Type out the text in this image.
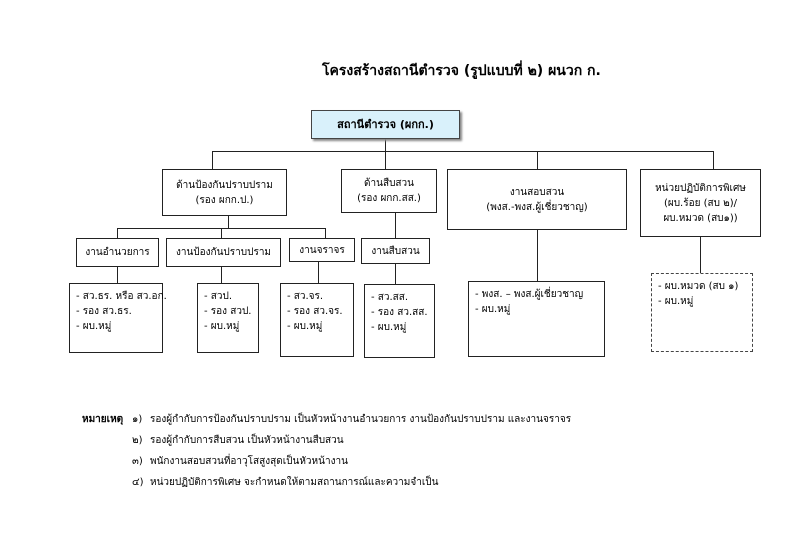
โครงสร้างสถานีตำรวจ (รูปแบบที่ ๒) ผนวก ก.
สถานีตำรวจ (ผกก.)
ด้านป้องกันปราบปราม
(รอง ผกก.ป.)
ด้านสืบสวน
(รอง ผกก.สส.)
งานสอบสวน
(พงส.-พงส.ผู้เชี่ยวชาญ)
หน่วยปฏิบัติการพิเศษ
(ผบ.ร้อย (สบ ๒)/
ผบ.หมวด (สบ๑))
งานอำนวยการ	งานป้องกันปราบปราม	งานจราจร	งานสืบสวน
- สว.ธร. หรือ สว.อก.
- รอง สว.ธร.
- ผบ.หมู่
- สวป.
- รอง สวป.
- ผบ.หมู่
- สว.จร.
- รอง สว.จร.
- ผบ.หมู่
- สว.สส.
- รอง สว.สส.
- ผบ.หมู่
- พงส. – พงส.ผู้เชี่ยวชาญ
- ผบ.หมู่
- ผบ.หมวด (สบ ๑)
- ผบ.หมู่
หมายเหตุ ๑) รองผู้กำกับการป้องกันปราบปราม เป็นหัวหน้างานอำนวยการ งานป้องกันปราบปราม และงานจราจร
๒) รองผู้กำกับการสืบสวน เป็นหัวหน้างานสืบสวน
๓) พนักงานสอบสวนที่อาวุโสสูงสุดเป็นหัวหน้างาน
๔) หน่วยปฏิบัติการพิเศษ จะกำหนดให้ตามสถานการณ์และความจำเป็น
